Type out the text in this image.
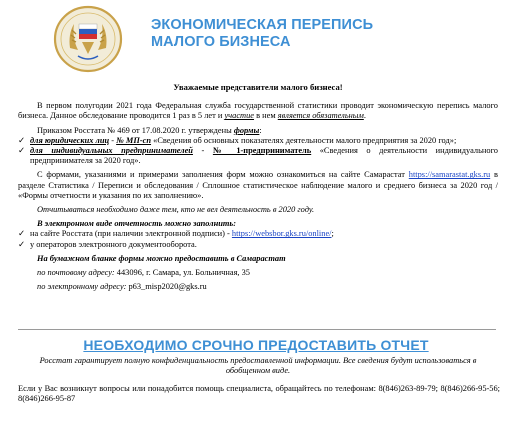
ЭКОНОМИЧЕСКАЯ ПЕРЕПИСЬ
МАЛОГО БИЗНЕСА
Уважаемые представители малого бизнеса!

В первом полугодии 2021 года Федеральная служба государственной статистики проводит экономическую перепись малого бизнеса. Данное обследование проводится 1 раз в 5 лет и участие в нем является обязательным.

Приказом Росстата № 469 от 17.08.2020 г. утверждены формы:

✓ для юридических лиц - № МП-сп «Сведения об основных показателях деятельности малого предприятия за 2020 год»;
✓ для индивидуальных предпринимателей - № 1-предприниматель «Сведения о деятельности индивидуального предпринимателя за 2020 год».

С формами, указаниями и примерами заполнения форм можно ознакомиться на сайте Самарастат https://samarastat.gks.ru в разделе Статистика / Переписи и обследования / Сплошное статистическое наблюдение малого и среднего бизнеса за 2020 год / «Формы отчетности и указания по их заполнению».

Отчитываться необходимо даже тем, кто не вел деятельность в 2020 году.

В электронном виде отчетность можно заполнить:

✓ на сайте Росстата (при наличии электронной подписи) - https://websbor.gks.ru/online/;
✓ у операторов электронного документооборота.

На бумажном бланке формы можно предоставить в Самарастат

по почтовому адресу: 443096, г. Самара, ул. Больничная, 35

по электронному адресу: p63_misp2020@gks.ru

НЕОБХОДИМО СРОЧНО ПРЕДОСТАВИТЬ ОТЧЕТ
Росстат гарантирует полную конфиденциальность предоставленной информации. Все сведения будут использоваться в обобщенном виде.
Если у Вас возникнут вопросы или понадобится помощь специалиста, обращайтесь по телефонам: 8(846)263-89-79; 8(846)266-95-56; 8(846)266-95-87
